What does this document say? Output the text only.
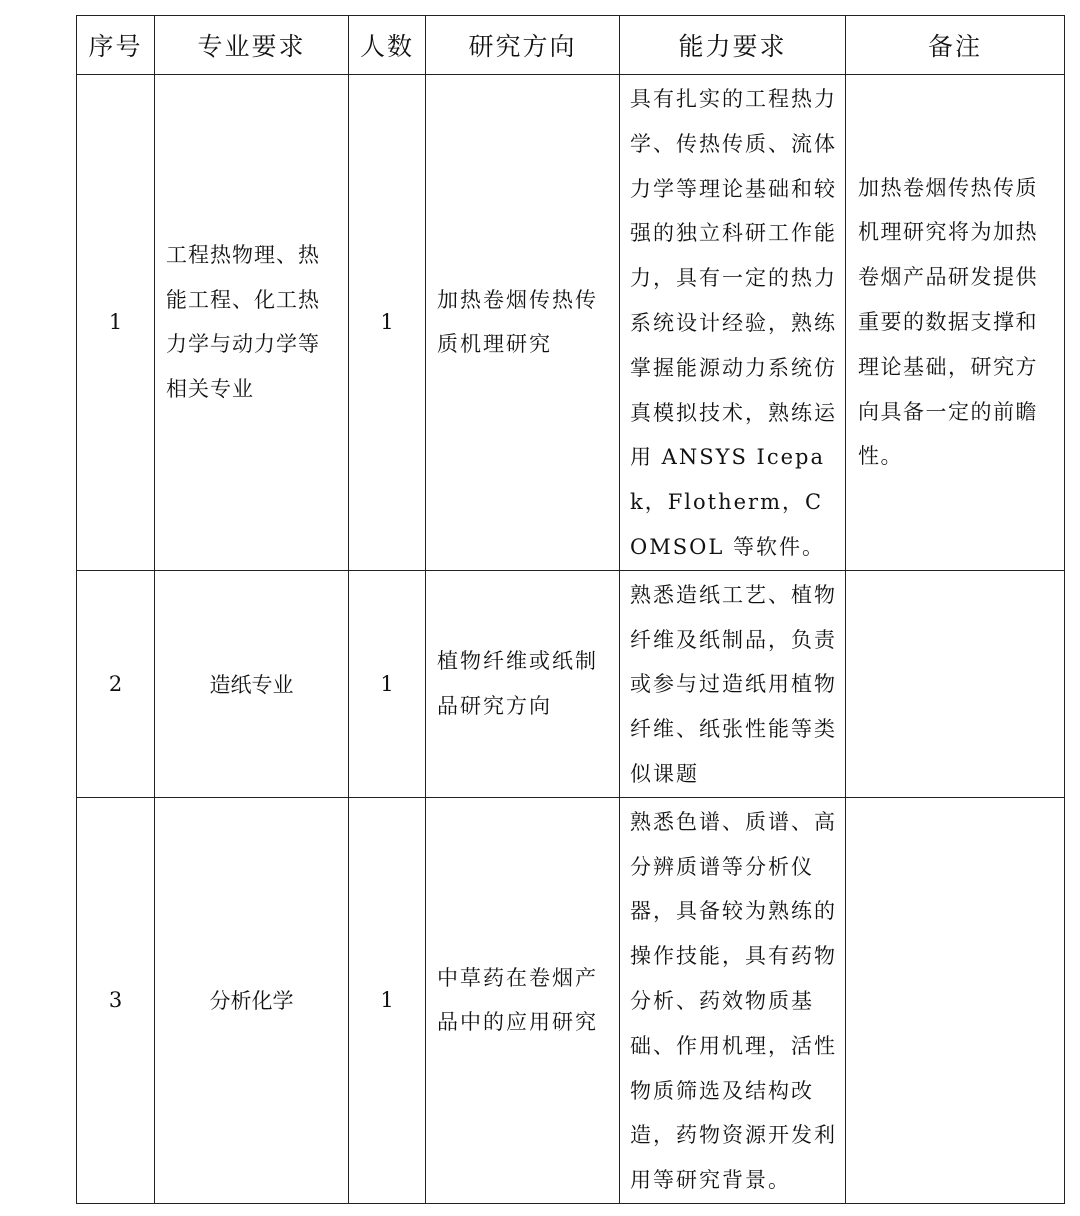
序号	专业要求	人数	研究方向	能力要求	备注
1	工程热物理、热能工程、化工热力学与动力学等相关专业	1	加热卷烟传热传质机理研究	具有扎实的工程热力学、传热传质、流体力学等理论基础和较强的独立科研工作能力，具有一定的热力系统设计经验，熟练掌握能源动力系统仿真模拟技术，熟练运用 ANSYS Icepak，Flotherm，COMSOL 等软件。	加热卷烟传热传质机理研究将为加热卷烟产品研发提供重要的数据支撑和理论基础，研究方向具备一定的前瞻性。

2	造纸专业	1	植物纤维或纸制品研究方向	熟悉造纸工艺、植物纤维及纸制品，负责或参与过造纸用植物纤维、纸张性能等类似课题	

3	分析化学	1	中草药在卷烟产品中的应用研究	熟悉色谱、质谱、高分辨质谱等分析仪器，具备较为熟练的操作技能，具有药物分析、药效物质基础、作用机理，活性物质筛选及结构改造，药物资源开发利用等研究背景。	
